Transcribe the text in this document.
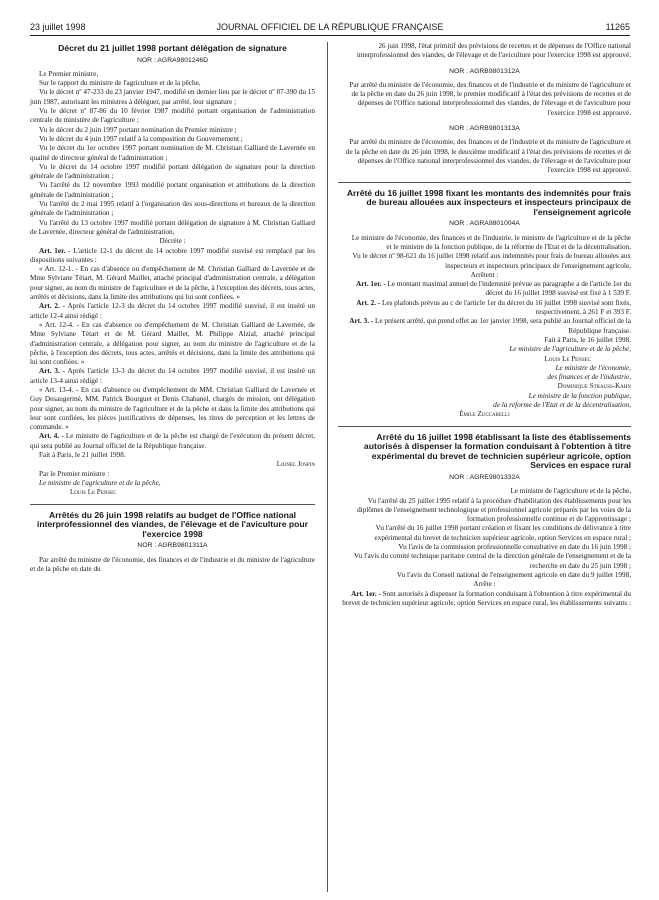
23 juillet 1998	JOURNAL OFFICIEL DE LA RÉPUBLIQUE FRANÇAISE	11265
Décret du 21 juillet 1998 portant délégation de signature
NOR : AGRA9801246D

Le Premier ministre,

Sur le rapport du ministre de l'agriculture et de la pêche,

Vu le décret nº 47-233 du 23 janvier 1947, modifié en dernier lieu par le décret nº 87-390 du 15 juin 1987, autorisant les ministres à déléguer, par arrêté, leur signature ;

Vu le décret nº 87-86 du 10 février 1987 modifié portant organisation de l'administration centrale du ministère de l'agriculture ;

Vu le décret du 2 juin 1997 portant nomination du Premier ministre ;

Vu le décret du 4 juin 1997 relatif à la composition du Gouvernement ;

Vu le décret du 1er octobre 1997 portant nomination de M. Christian Galliard de Lavernée en qualité de directeur général de l'administration ;

Vu le décret du 14 octobre 1997 modifié portant délégation de signature pour la direction générale de l'administration ;

Vu l'arrêté du 12 novembre 1993 modifié portant organisation et attributions de la direction générale de l'administration ;

Vu l'arrêté du 2 mai 1995 relatif à l'organisation des sous-directions et bureaux de la direction générale de l'administration ;

Vu l'arrêté du 13 octobre 1997 modifié portant délégation de signature à M. Christian Galliard de Lavernée, directeur général de l'administration,

Décrète :

Art. 1er. - L'article 12-1 du décret du 14 octobre 1997 modifié susvisé est remplacé par les dispositions suivantes :

« Art. 12-1. - En cas d'absence ou d'empêchement de M. Christian Galliard de Lavernée et de Mme Sylviane Tétart, M. Gérard Maillet, attaché principal d'administration centrale, a délégation pour signer, au nom du ministre de l'agriculture et de la pêche, à l'exception des décrets, tous actes, arrêtés et décisions, dans la limite des attributions qui lui sont confiées. »

Art. 2. - Après l'article 12-3 du décret du 14 octobre 1997 modifié susvisé, il est inséré un article 12-4 ainsi rédigé :

« Art. 12-4. - En cas d'absence ou d'empêchement de M. Christian Galliard de Lavernée, de Mme Sylviane Tétart et de M. Gérard Maillet, M. Philippe Alzial, attaché principal d'administration centrale, a délégation pour signer, au nom du ministre de l'agriculture et de la pêche, à l'exception des décrets, tous actes, arrêtés et décisions, dans la limite des attributions qui lui sont confiées. »

Art. 3. - Après l'article 13-3 du décret du 14 octobre 1997 modifié susvisé, il est inséré un article 13-4 ainsi rédigé :

« Art. 13-4. - En cas d'absence ou d'empêchement de MM. Christian Galliard de Lavernée et Guy Desaugermé, MM. Patrick Bourguet et Denis Chabanel, chargés de mission, ont délégation pour signer, au nom du ministre de l'agriculture et de la pêche et dans la limite des attributions qui leur sont confiées, les pièces justificatives de dépenses, les titres de perception et les lettres de commande. »

Art. 4. - Le ministre de l'agriculture et de la pêche est chargé de l'exécution du présent décret, qui sera publié au Journal officiel de la République française.

Fait à Paris, le 21 juillet 1998.

Lionel Jospin

Par le Premier ministre :

Le ministre de l'agriculture et de la pêche,

Louis Le Pensec

Arrêtés du 26 juin 1998 relatifs au budget de l'Office national interprofessionnel des viandes, de l'élevage et de l'aviculture pour l'exercice 1998
NOR : AGRB9801311A

Par arrêté du ministre de l'économie, des finances et de l'industrie et du ministre de l'agriculture et de la pêche en date du

26 juin 1998, l'état primitif des prévisions de recettes et de dépenses de l'Office national interprofessionnel des viandes, de l'élevage et de l'aviculture pour l'exercice 1998 est approuvé.

NOR : AGRB9801312A

Par arrêté du ministre de l'économie, des finances et de l'industrie et du ministre de l'agriculture et de la pêche en date du 26 juin 1998, le premier modificatif à l'état des prévisions de recettes et de dépenses de l'Office national interprofessionnel des viandes, de l'élevage et de l'aviculture pour l'exercice 1998 est approuvé.

NOR : AGRB9801313A

Par arrêté du ministre de l'économie, des finances et de l'industrie et du ministre de l'agriculture et de la pêche en date du 26 juin 1998, le deuxième modificatif à l'état des prévisions de recettes et de dépenses de l'Office national interprofessionnel des viandes, de l'élevage et de l'aviculture pour l'exercice 1998 est approuvé.

Arrêté du 16 juillet 1998 fixant les montants des indemnités pour frais de bureau allouées aux inspecteurs et inspecteurs principaux de l'enseignement agricole
NOR : AGRA9801004A

Le ministre de l'économie, des finances et de l'industrie, le ministre de l'agriculture et de la pêche et le ministre de la fonction publique, de la réforme de l'Etat et de la décentralisation,

Vu le décret nº 98-621 du 16 juillet 1998 relatif aux indemnités pour frais de bureau allouées aux inspecteurs et inspecteurs principaux de l'enseignement agricole,

Arrêtent :

Art. 1er. - Le montant maximal annuel de l'indemnité prévue au paragraphe a de l'article 1er du décret du 16 juillet 1998 susvisé est fixé à 1 539 F.

Art. 2. - Les plafonds prévus au c de l'article 1er du décret du 16 juillet 1998 susvisé sont fixés, respectivement, à 261 F et 393 F.

Art. 3. - Le présent arrêté, qui prend effet au 1er janvier 1998, sera publié au Journal officiel de la République française.

Fait à Paris, le 16 juillet 1998.

Le ministre de l'agriculture et de la pêche,

Louis Le Pensec

Le ministre de l'économie,

des finances et de l'industrie,

Dominique Strauss-Kahn

Le ministre de la fonction publique,

de la réforme de l'Etat et de la décentralisation,

Émile Zuccarelli

Arrêté du 16 juillet 1998 établissant la liste des établissements autorisés à dispenser la formation conduisant à l'obtention à titre expérimental du brevet de technicien supérieur agricole, option Services en espace rural
NOR : AGRE9801332A

Le ministre de l'agriculture et de la pêche,

Vu l'arrêté du 25 juillet 1995 relatif à la procédure d'habilitation des établissements pour les diplômes de l'enseignement technologique et professionnel agricole préparés par les voies de la formation professionnelle continue et de l'apprentissage ;

Vu l'arrêté du 16 juillet 1998 portant création et fixant les conditions de délivrance à titre expérimental du brevet de technicien supérieur agricole, option Services en espace rural ;

Vu l'avis de la commission professionnelle consultative en date du 16 juin 1998 ;

Vu l'avis du comité technique paritaire central de la direction générale de l'enseignement et de la recherche en date du 25 juin 1998 ;

Vu l'avis du Conseil national de l'enseignement agricole en date du 9 juillet 1998,

Arrête :

Art. 1er. - Sont autorisés à dispenser la formation conduisant à l'obtention à titre expérimental du brevet de technicien supérieur agricole, option Services en espace rural, les établissements suivants :
